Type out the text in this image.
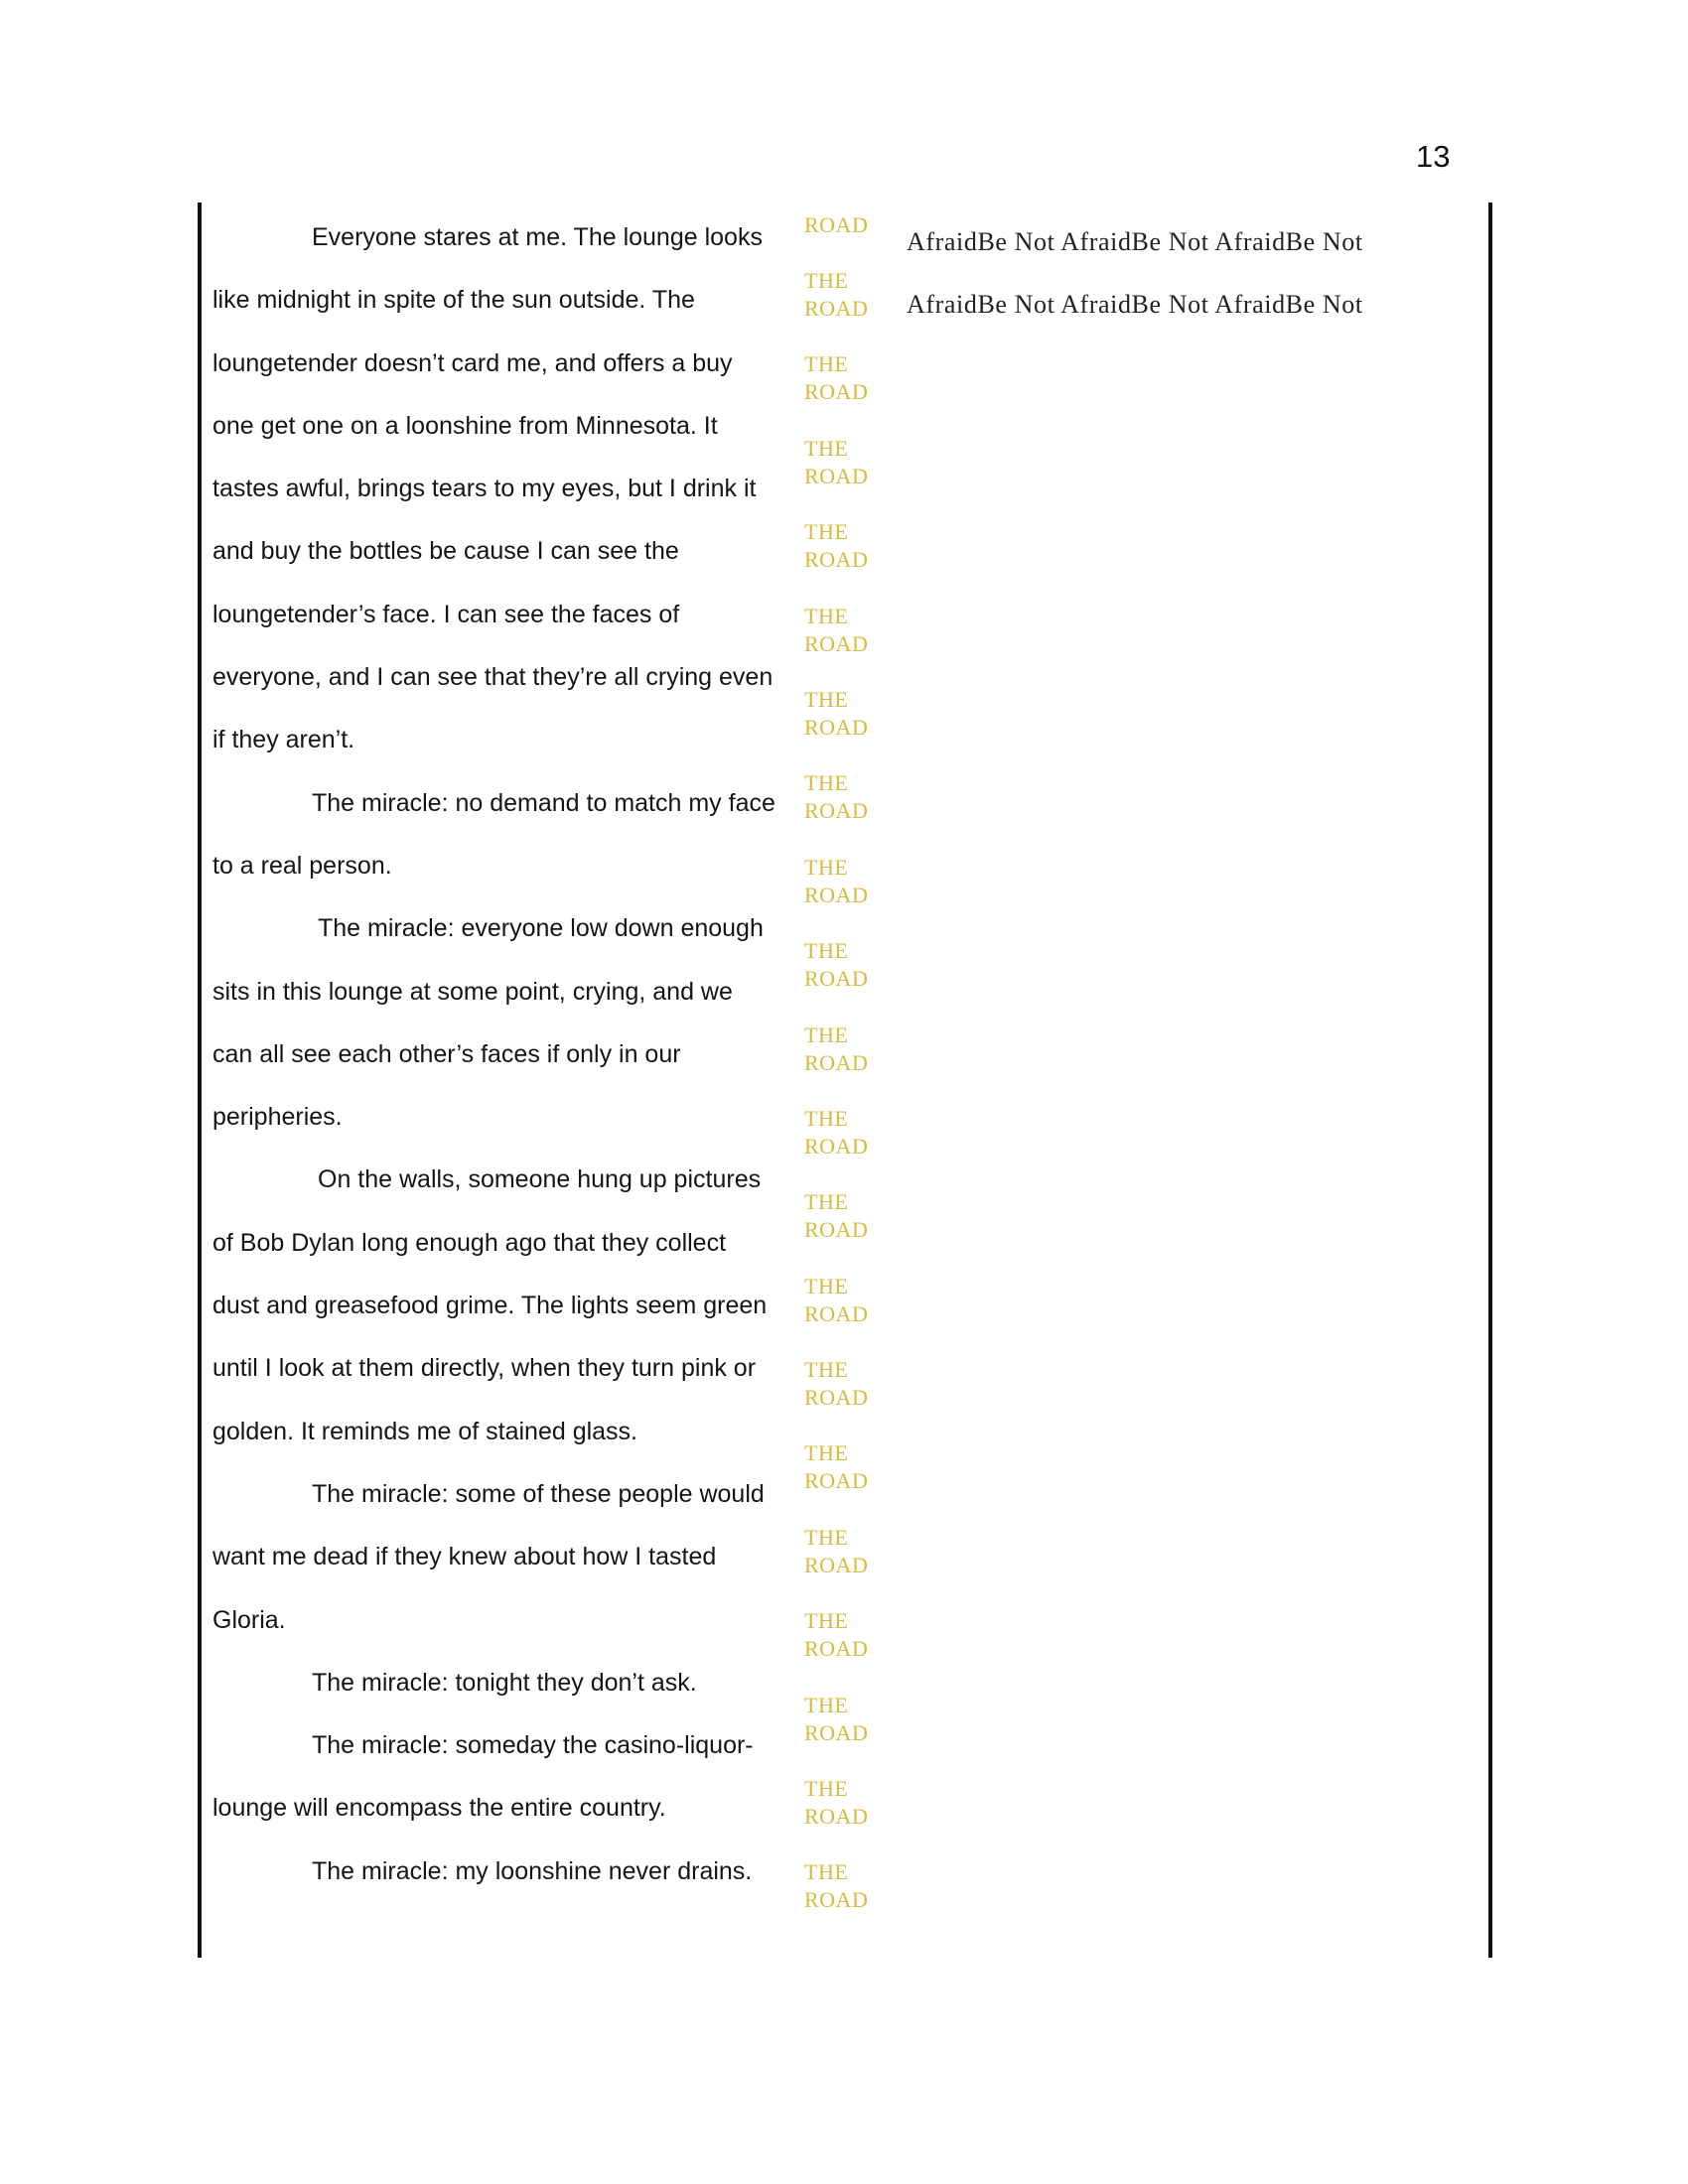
13
Everyone stares at me. The lounge looks
like midnight in spite of the sun outside. The
loungetender doesn’t card me, and offers a buy
one get one on a loonshine from Minnesota. It
tastes awful, brings tears to my eyes, but I drink it
and buy the bottles be cause I can see the
loungetender’s face. I can see the faces of
everyone, and I can see that they’re all crying even
if they aren’t.
The miracle: no demand to match my face
to a real person.
The miracle: everyone low down enough
sits in this lounge at some point, crying, and we
can all see each other’s faces if only in our
peripheries.
On the walls, someone hung up pictures
of Bob Dylan long enough ago that they collect
dust and greasefood grime. The lights seem green
until I look at them directly, when they turn pink or
golden. It reminds me of stained glass.
The miracle: some of these people would
want me dead if they knew about how I tasted
Gloria.
The miracle: tonight they don’t ask.
The miracle: someday the casino-liquor-
lounge will encompass the entire country.
The miracle: my loonshine never drains.
ROAD
THE
ROAD
THE
ROAD
THE
ROAD
THE
ROAD
THE
ROAD
THE
ROAD
THE
ROAD
THE
ROAD
THE
ROAD
THE
ROAD
THE
ROAD
THE
ROAD
THE
ROAD
THE
ROAD
THE
ROAD
THE
ROAD
THE
ROAD
THE
ROAD
THE
ROAD
THE
ROAD
AfraidBe Not AfraidBe Not AfraidBe Not
AfraidBe Not AfraidBe Not AfraidBe Not
